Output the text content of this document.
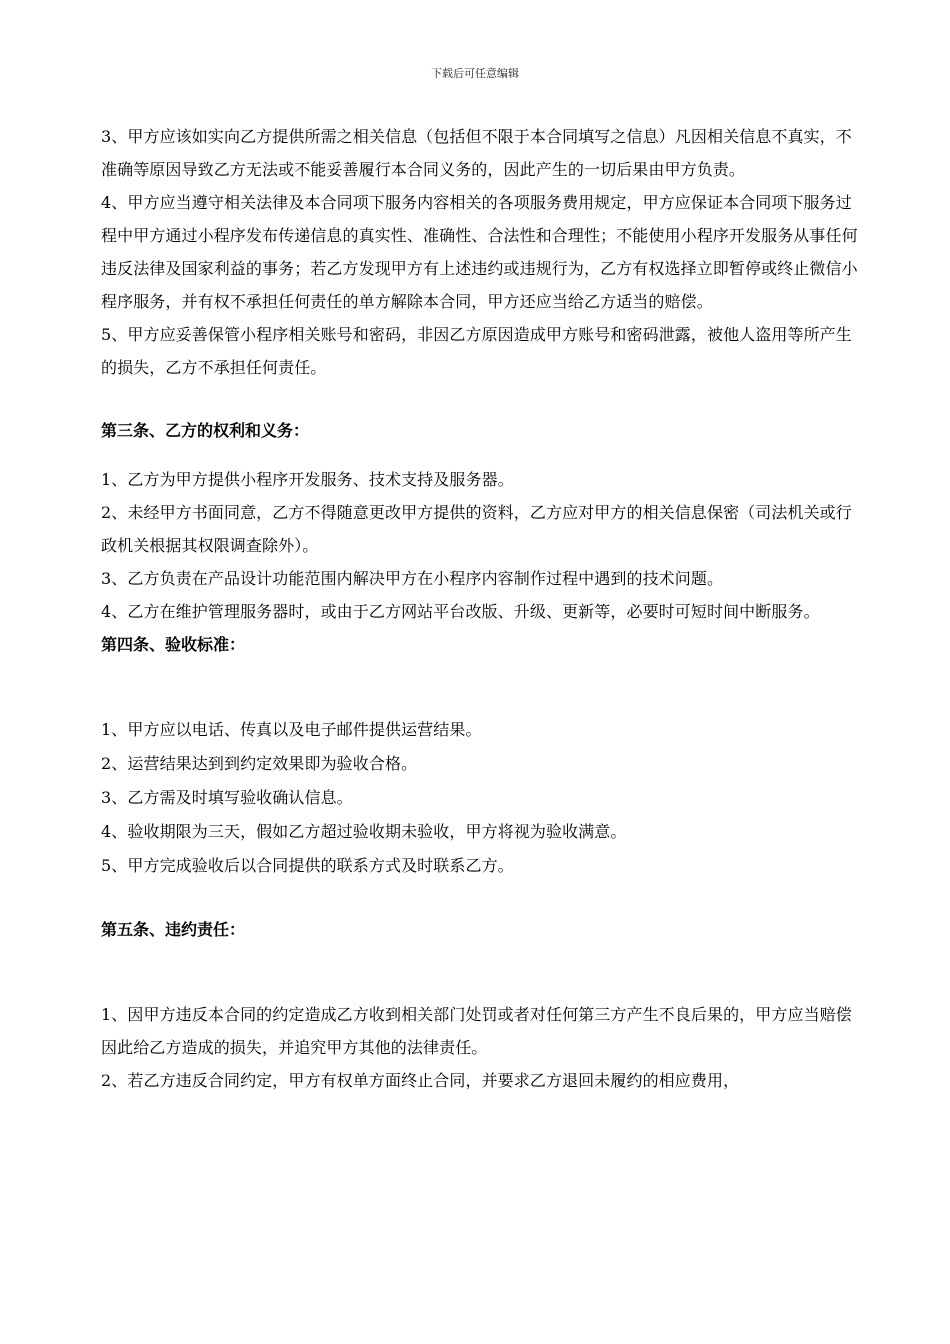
下载后可任意编辑

3、甲方应该如实向乙方提供所需之相关信息（包括但不限于本合同填写之信息）凡因相关信息不真实，不准确等原因导致乙方无法或不能妥善履行本合同义务的，因此产生的一切后果由甲方负责。

4、甲方应当遵守相关法律及本合同项下服务内容相关的各项服务费用规定，甲方应保证本合同项下服务过程中甲方通过小程序发布传递信息的真实性、准确性、合法性和合理性；不能使用小程序开发服务从事任何违反法律及国家利益的事务；若乙方发现甲方有上述违约或违规行为，乙方有权选择立即暂停或终止微信小程序服务，并有权不承担任何责任的单方解除本合同，甲方还应当给乙方适当的赔偿。

5、甲方应妥善保管小程序相关账号和密码，非因乙方原因造成甲方账号和密码泄露，被他人盗用等所产生的损失，乙方不承担任何责任。

第三条、乙方的权利和义务：

1、乙方为甲方提供小程序开发服务、技术支持及服务器。

2、未经甲方书面同意，乙方不得随意更改甲方提供的资料，乙方应对甲方的相关信息保密（司法机关或行政机关根据其权限调查除外）。

3、乙方负责在产品设计功能范围内解决甲方在小程序内容制作过程中遇到的技术问题。

4、乙方在维护管理服务器时，或由于乙方网站平台改版、升级、更新等，必要时可短时间中断服务。

第四条、验收标准：

1、甲方应以电话、传真以及电子邮件提供运营结果。

2、运营结果达到到约定效果即为验收合格。

3、乙方需及时填写验收确认信息。

4、验收期限为三天，假如乙方超过验收期未验收，甲方将视为验收满意。

5、甲方完成验收后以合同提供的联系方式及时联系乙方。

第五条、违约责任：

1、因甲方违反本合同的约定造成乙方收到相关部门处罚或者对任何第三方产生不良后果的，甲方应当赔偿因此给乙方造成的损失，并追究甲方其他的法律责任。

2、若乙方违反合同约定，甲方有权单方面终止合同，并要求乙方退回未履约的相应费用，
